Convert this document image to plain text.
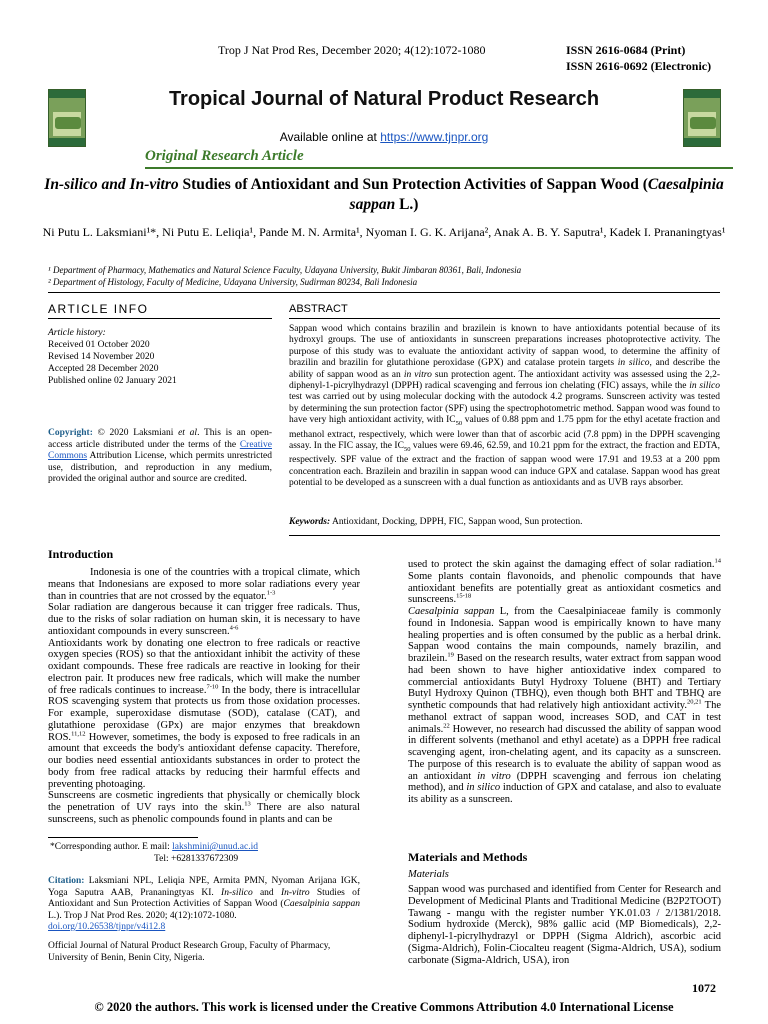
Trop J Nat Prod Res, December 2020; 4(12):1072-1080	ISSN 2616-0684 (Print)
ISSN 2616-0692 (Electronic)
Tropical Journal of Natural Product Research
Available online at https://www.tjnpr.org
Original Research Article
In-silico and In-vitro Studies of Antioxidant and Sun Protection Activities of Sappan Wood (Caesalpinia sappan L.)
Ni Putu L. Laksmiani¹*, Ni Putu E. Leliqia¹, Pande M. N. Armita¹, Nyoman I. G. K. Arijana², Anak A. B. Y. Saputra¹, Kadek I. Prananingtyas¹
¹ Department of Pharmacy, Mathematics and Natural Science Faculty, Udayana University, Bukit Jimbaran 80361, Bali, Indonesia
² Department of Histology, Faculty of Medicine, Udayana University, Sudirman 80234, Bali Indonesia
ARTICLE INFO	ABSTRACT
Article history:
Received 01 October 2020
Revised 14 November 2020
Accepted 28 December 2020
Published online 02 January 2021
Copyright: © 2020 Laksmiani et al. This is an open-access article distributed under the terms of the Creative Commons Attribution License, which permits unrestricted use, distribution, and reproduction in any medium, provided the original author and source are credited.
Sappan wood which contains brazilin and brazilein is known to have antioxidants potential because of its hydroxyl groups. The use of antioxidants in sunscreen preparations increases photoprotective activity. The purpose of this study was to evaluate the antioxidant activity of sappan wood, to determine the affinity of brazilin and brazilin for glutathione peroxidase (GPX) and catalase protein targets in silico, and describe the ability of sappan wood as an in vitro sun protection agent. The antioxidant activity was assessed using the 2,2-diphenyl-1-picrylhydrazyl (DPPH) radical scavenging and ferrous ion chelating (FIC) assays, while the in silico test was carried out by using molecular docking with the autodock 4.2 programs. Sunscreen activity was tested by determining the sun protection factor (SPF) using the spectrophotometric method. Sappan wood was found to have very high antioxidant activity, with $IC_{50}$ values of 0.88 ppm and 1.75 ppm for the ethyl acetate fraction and methanol extract, respectively, which were lower than that of ascorbic acid (7.8 ppm) in the DPPH scavenging assay. In the FIC assay, the $IC_{50}$ values were 69.46, 62.59, and 10.21 ppm for the extract, the fraction and EDTA, respectively. SPF value of the extract and the fraction of sappan wood were 17.91 and 19.53 at a 200 ppm concentration each. Brazilein and brazilin in sappan wood can induce GPX and catalase. Sappan wood has great potential to be developed as a sunscreen with a dual function as antioxidants and as UVB rays absorber.
Keywords: Antioxidant, Docking, DPPH, FIC, Sappan wood, Sun protection.
Introduction

Indonesia is one of the countries with a tropical climate, which means that Indonesians are exposed to more solar radiations every year than in countries that are not crossed by the equator.$^{1-3}$

Solar radiation are dangerous because it can trigger free radicals. Thus, due to the risks of solar radiation on human skin, it is necessary to have antioxidant compounds in every sunscreen.$^{4-6}$

Antioxidants work by donating one electron to free radicals or reactive oxygen species (ROS) so that the antioxidant inhibit the activity of these oxidant compounds. These free radicals are reactive in looking for their electron pair. It produces new free radicals, which will make the number of free radicals continues to increase.$^{7-10}$ In the body, there is intracellular ROS scavenging system that protects us from those oxidation processes. For example, superoxidase dismutase (SOD), catalase (CAT), and glutathione peroxidase (GPx) are major enzymes that breakdown ROS.$^{11,12}$ However, sometimes, the body is exposed to free radicals in an amount that exceeds the body's antioxidant defense capacity. Therefore, our bodies need essential antioxidants substances in order to protect the body from free radical attacks by reducing their harmful effects and preventing photoaging.

Sunscreens are cosmetic ingredients that physically or chemically block the penetration of UV rays into the skin.$^{13}$ There are also natural sunscreens, such as phenolic compounds found in plants and can be

*Corresponding author. E mail: lakshmini@unud.ac.id
Tel: +6281337672309
Citation: Laksmiani NPL, Leliqia NPE, Armita PMN, Nyoman Arijana IGK, Yoga Saputra AAB, Prananingtyas KI. In-silico and In-vitro Studies of Antioxidant and Sun Protection Activities of Sappan Wood (Caesalpinia sappan L.). Trop J Nat Prod Res. 2020; 4(12):1072-1080.
doi.org/10.26538/tjnpr/v4i12.8
Official Journal of Natural Product Research Group, Faculty of Pharmacy, University of Benin, Benin City, Nigeria.

used to protect the skin against the damaging effect of solar radiation.$^{14}$ Some plants contain flavonoids, and phenolic compounds that have antioxidant benefits are potentially great as antioxidant cosmetics and sunscreens.$^{15-18}$

Caesalpinia sappan L, from the Caesalpiniaceae family is commonly found in Indonesia. Sappan wood is empirically known to have many healing properties and is often consumed by the public as a herbal drink. Sappan wood contains the main compounds, namely brazilin, and brazilein.$^{19}$ Based on the research results, water extract from sappan wood had been shown to have higher antioxidative index compared to commercial antioxidants Butyl Hydroxy Toluene (BHT) and Tertiary Butyl Hydroxy Quinon (TBHQ), even though both BHT and TBHQ are synthetic compounds that had relatively high antioxidant activity.$^{20,21}$ The methanol extract of sappan wood, increases SOD, and CAT in test animals.$^{22}$ However, no research had discussed the ability of sappan wood in different solvents (methanol and ethyl acetate) as a DPPH free radical scavenging agent, iron-chelating agent, and its capacity as a sunscreen. The purpose of this research is to evaluate the ability of sappan wood as an antioxidant in vitro (DPPH scavenging and ferrous ion chelating method), and in silico induction of GPX and catalase, and also to evaluate its ability as a sunscreen.

Materials and Methods
Materials
Sappan wood was purchased and identified from Center for Research and Development of Medicinal Plants and Traditional Medicine (B2P2TOOT) Tawang - mangu with the register number YK.01.03 / 2/1381/2018. Sodium hydroxide (Merck), 98% gallic acid (MP Biomedicals), 2,2-diphenyl-1-picrylhydrazyl or DPPH (Sigma Aldrich), ascorbic acid (Sigma-Aldrich), Folin-Ciocalteu reagent (Sigma-Aldrich, USA), sodium carbonate (Sigma-Aldrich, USA), iron
1072
© 2020 the authors. This work is licensed under the Creative Commons Attribution 4.0 International License
